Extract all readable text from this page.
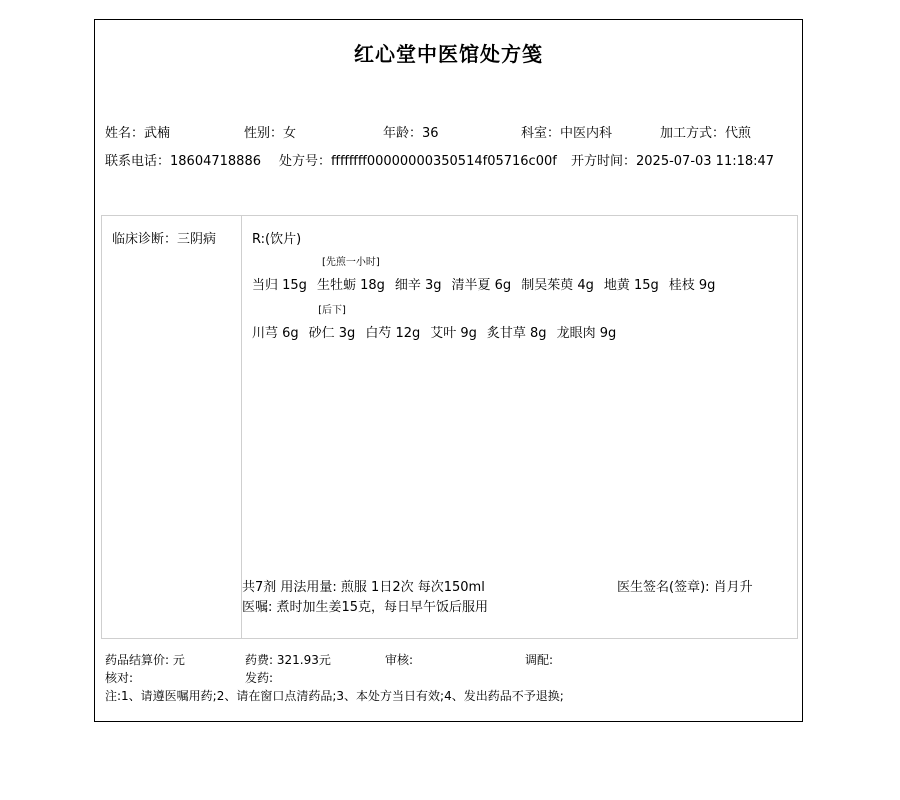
红心堂中医馆处方笺
姓名：武楠	性别：女	年龄：36	科室：中医内科	加工方式：代煎
联系电话：18604718886 处方号：ffffffff00000000350514f05716c00f 开方时间：2025-07-03 11:18:47
临床诊断：三阴病	R:(饮片)
当归 15g
[先煎一小时]
生牡蛎 18g 细辛 3g 清半夏 6g 制吴茱萸 4g 地黄 15g 桂枝 9g
川芎 6g
[后下]
砂仁 3g 白芍 12g 艾叶 9g 炙甘草 8g 龙眼肉 9g
共7剂 用法用量: 煎服 1日2次 每次150ml
医嘱: 煮时加生姜15克，每日早午饭后服用
医生签名(签章): 肖月升
药品结算价: 元	药费: 321.93元	审核:	调配:
核对:	发药:
注:1、请遵医嘱用药;2、请在窗口点清药品;3、本处方当日有效;4、发出药品不予退换;
